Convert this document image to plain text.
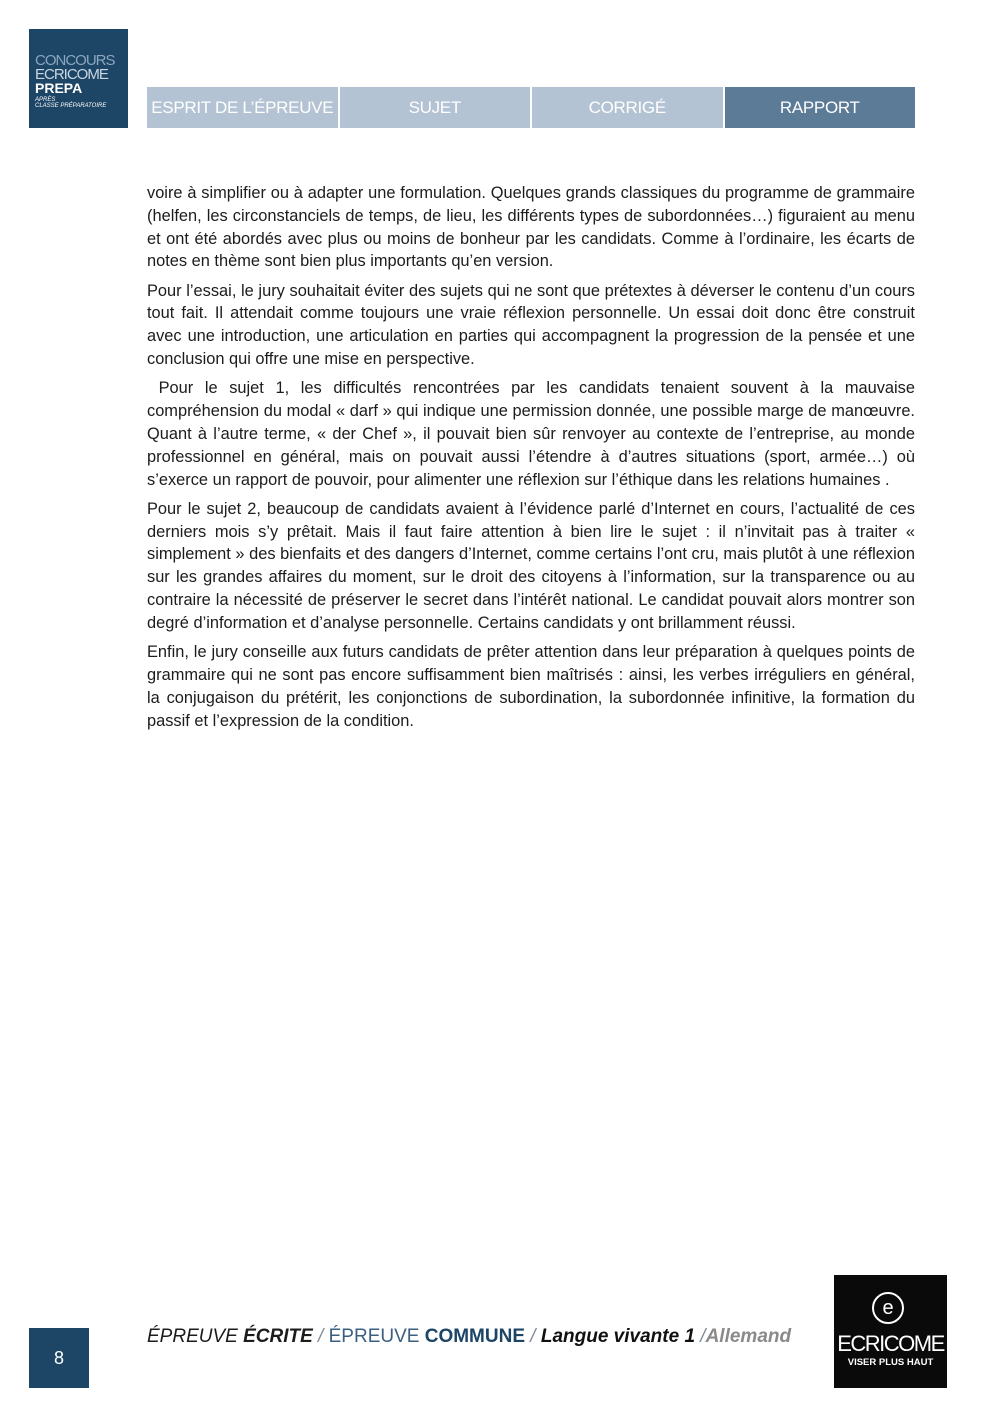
CONCOURS
ECRICOME
PREPA
APRÈS
CLASSE PRÉPARATOIRE	ESPRIT DE L’ÉPREUVE	SUJET	CORRIGÉ	RAPPORT

voire à simplifier ou à adapter une formulation. Quelques grands classiques du programme de grammaire (helfen, les circonstanciels de temps, de lieu, les différents types de subordonnées…) figuraient au menu et ont été abordés avec plus ou moins de bonheur par les candidats. Comme à l’ordinaire, les écarts de notes en thème sont bien plus importants qu’en version.

Pour l’essai, le jury souhaitait éviter des sujets qui ne sont que prétextes à déverser le contenu d’un cours tout fait. Il attendait comme toujours une vraie réflexion personnelle. Un essai doit donc être construit avec une introduction, une articulation en parties qui accompagnent la progression de la pensée et une conclusion qui offre une mise en perspective.

Pour le sujet 1, les difficultés rencontrées par les candidats tenaient souvent à la mauvaise compréhension du modal « darf » qui indique une permission donnée, une possible marge de manœuvre. Quant à l’autre terme, « der Chef », il pouvait bien sûr renvoyer au contexte de l’entreprise, au monde professionnel en général, mais on pouvait aussi l’étendre à d’autres situations (sport, armée…) où s’exerce un rapport de pouvoir, pour alimenter une réflexion sur l’éthique dans les relations humaines .

Pour le sujet 2, beaucoup de candidats avaient à l’évidence parlé d’Internet en cours, l’actualité de ces derniers mois s’y prêtait. Mais il faut faire attention à bien lire le sujet : il n’invitait pas à traiter « simplement » des bienfaits et des dangers d’Internet, comme certains l’ont cru, mais plutôt à une réflexion sur les grandes affaires du moment, sur le droit des citoyens à l’information, sur la transparence ou au contraire la nécessité de préserver le secret dans l’intérêt national. Le candidat pouvait alors montrer son degré d’information et d’analyse personnelle. Certains candidats y ont brillamment réussi.

Enfin, le jury conseille aux futurs candidats de prêter attention dans leur préparation à quelques points de grammaire qui ne sont pas encore suffisamment bien maîtrisés : ainsi, les verbes irréguliers en général, la conjugaison du prétérit, les conjonctions de subordination, la subordonnée infinitive, la formation du passif et l’expression de la condition.

8
ÉPREUVE ÉCRITE / ÉPREUVE COMMUNE / Langue vivante 1 /Allemand
e
ECRICOME
VISER PLUS HAUT
